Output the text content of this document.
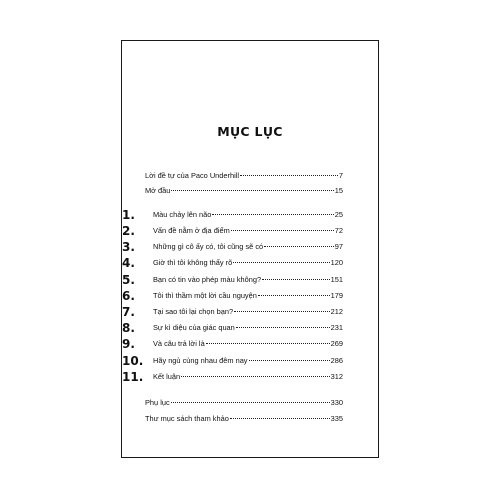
MỤC LỤC
Lời đề tự của Paco Underhill	7
Mở đầu	15
1.	Màu chảy lên não	25
2.	Vấn đề nằm ở địa điểm	72
3.	Những gì cô ấy có, tôi cũng sẽ có	97
4.	Giờ thì tôi không thấy rõ	120
5.	Bạn có tin vào phép màu không?	151
6.	Tôi thì thầm một lời cầu nguyện	179
7.	Tại sao tôi lại chọn bạn?	212
8.	Sự kì diệu của giác quan	231
9.	Và câu trả lời là	269
10.	Hãy ngủ cùng nhau đêm nay	286
11.	Kết luận	312
Phụ lục	330
Thư mục sách tham khảo	335
